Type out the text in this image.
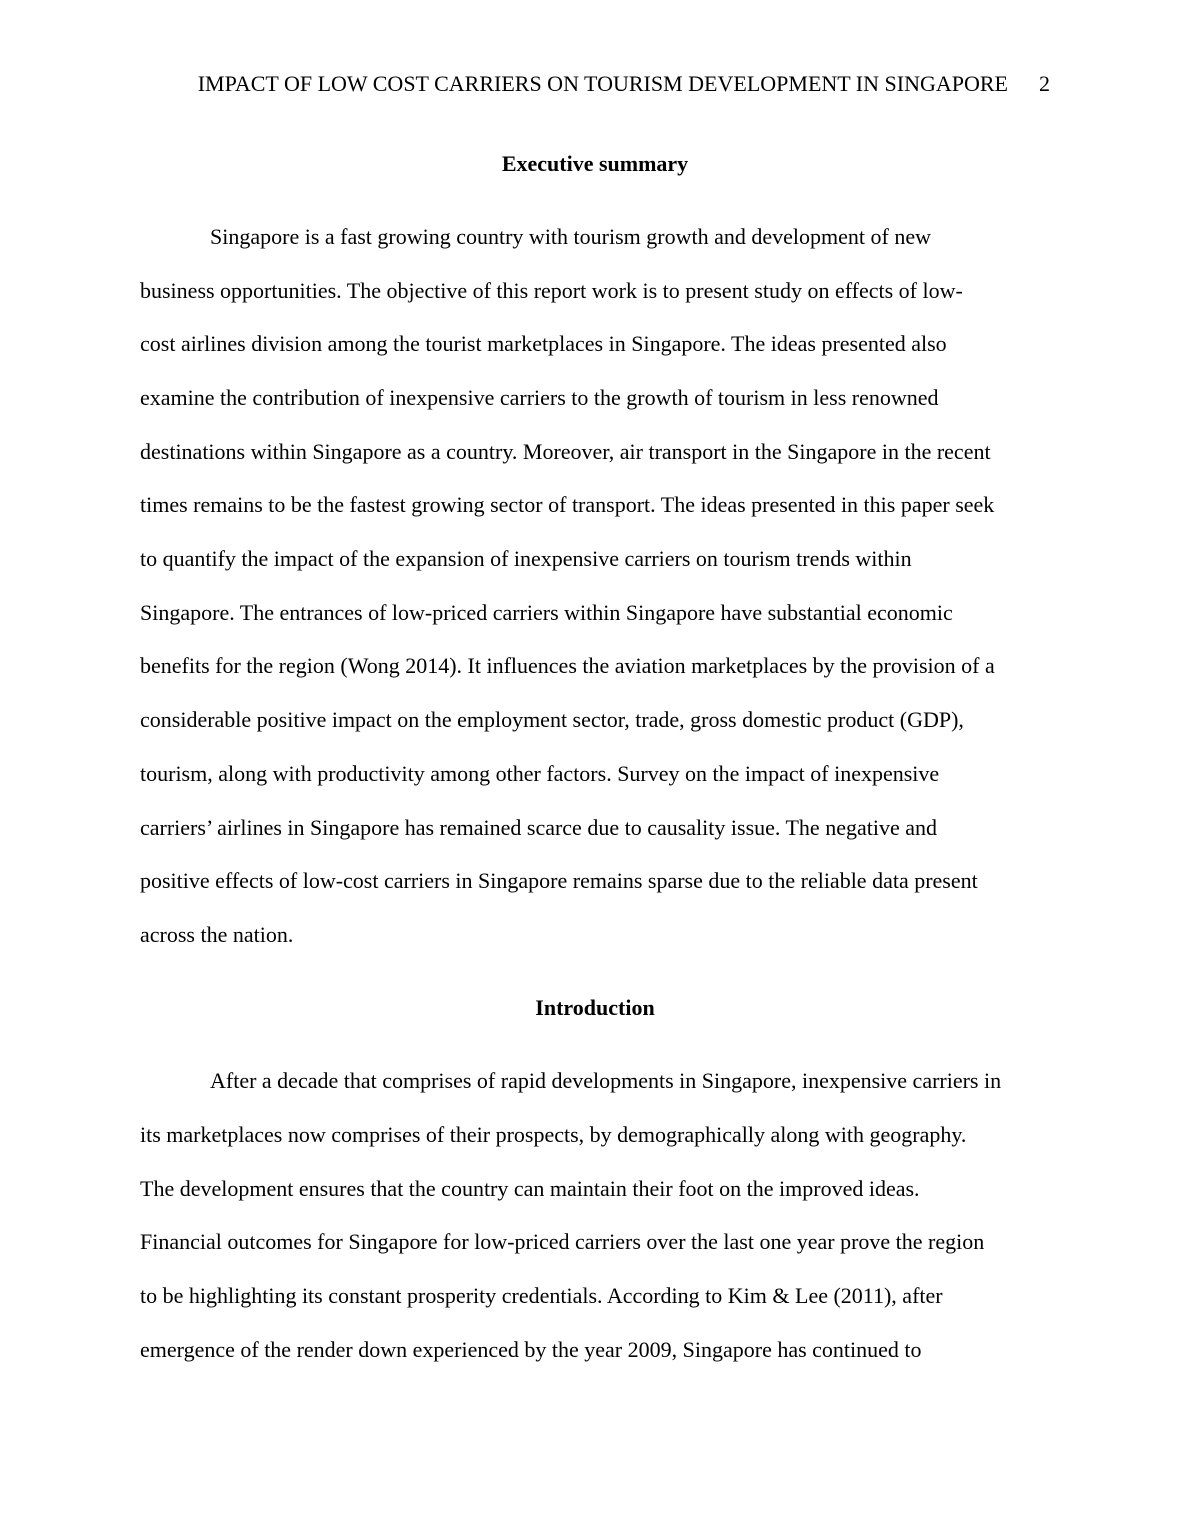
IMPACT OF LOW COST CARRIERS ON TOURISM DEVELOPMENT IN SINGAPORE 2
Executive summary
Singapore is a fast growing country with tourism growth and development of new
business opportunities. The objective of this report work is to present study on effects of low-
cost airlines division among the tourist marketplaces in Singapore. The ideas presented also
examine the contribution of inexpensive carriers to the growth of tourism in less renowned
destinations within Singapore as a country. Moreover, air transport in the Singapore in the recent
times remains to be the fastest growing sector of transport. The ideas presented in this paper seek
to quantify the impact of the expansion of inexpensive carriers on tourism trends within
Singapore. The entrances of low-priced carriers within Singapore have substantial economic
benefits for the region (Wong 2014). It influences the aviation marketplaces by the provision of a
considerable positive impact on the employment sector, trade, gross domestic product (GDP),
tourism, along with productivity among other factors. Survey on the impact of inexpensive
carriers’ airlines in Singapore has remained scarce due to causality issue. The negative and
positive effects of low-cost carriers in Singapore remains sparse due to the reliable data present
across the nation.
Introduction
After a decade that comprises of rapid developments in Singapore, inexpensive carriers in
its marketplaces now comprises of their prospects, by demographically along with geography.
The development ensures that the country can maintain their foot on the improved ideas.
Financial outcomes for Singapore for low-priced carriers over the last one year prove the region
to be highlighting its constant prosperity credentials. According to Kim & Lee (2011), after
emergence of the render down experienced by the year 2009, Singapore has continued to
